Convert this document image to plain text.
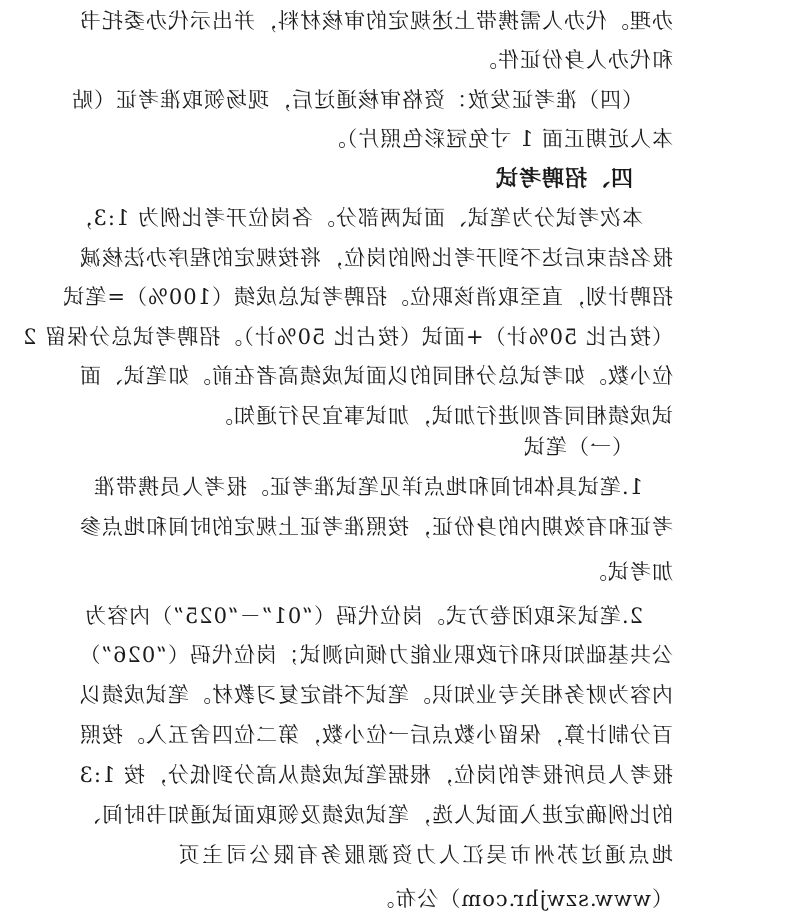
办理。代办人需携带上述规定的审核材料，并出示代办委托书
和代办人身份证件。
（四）准考证发放：资格审核通过后，现场领取准考证（贴
本人近期正面 1 寸免冠彩色照片）。
四、招聘考试
本次考试分为笔试、面试两部分。各岗位开考比例为 1:3，
报名结束后达不到开考比例的岗位，将按规定的程序办法核减
招聘计划，直至取消该职位。招聘考试总成绩（100%）=笔试
（按占比 50%计）+面试（按占比 50%计）。招聘考试总分保留 2
位小数。如考试总分相同的以面试成绩高者在前。如笔试、面
试成绩相同者则进行加试，加试事宜另行通知。
（一）笔试
1.笔试具体时间和地点详见笔试准考证。报考人员携带准
考证和有效期内的身份证，按照准考证上规定的时间和地点参
加考试。
2.笔试采取闭卷方式。岗位代码（“01”－“025”）内容为
公共基础知识和行政职业能力倾向测试；岗位代码（“026”）
内容为财务相关专业知识。笔试不指定复习教材。笔试成绩以
百分制计算，保留小数点后一位小数，第二位四舍五入。按照
报考人员所报考的岗位，根据笔试成绩从高分到低分，按 1:3
的比例确定进入面试人选，笔试成绩及领取面试通知书时间、
地 点 通 过 苏 州 市 吴 江 人 力 资 源 服 务 有 限 公 司 主 页
（www.szwjhr.com）公布。
